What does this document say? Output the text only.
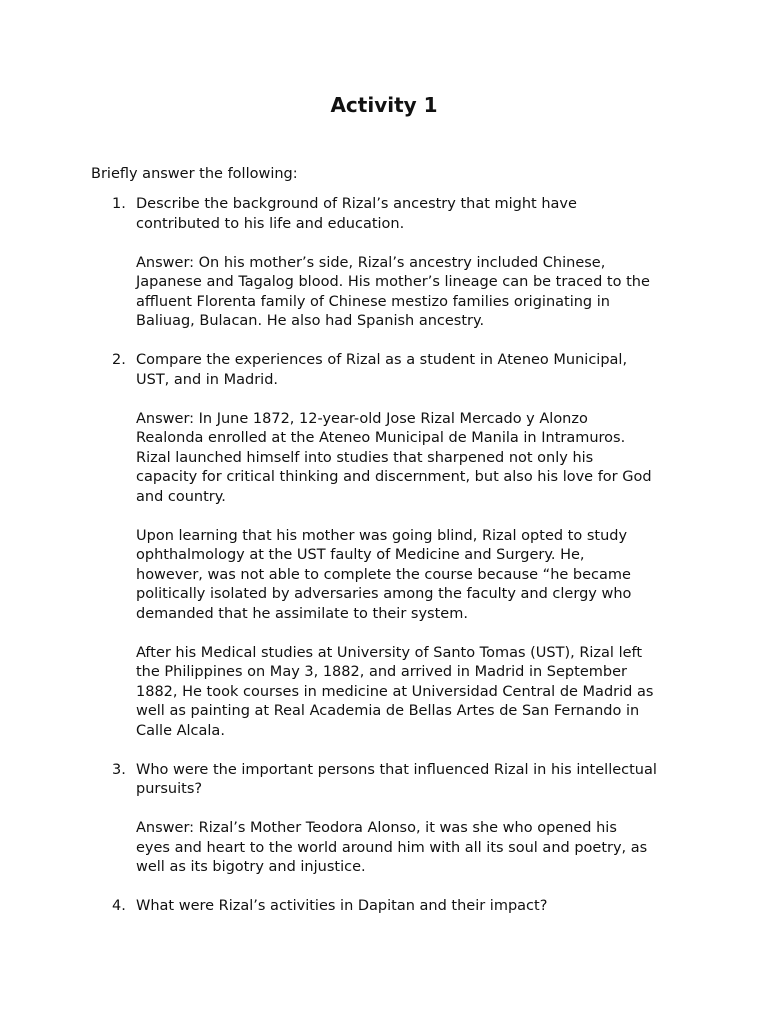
Activity 1

Briefly answer the following:

1. Describe the background of Rizal’s ancestry that might have
contributed to his life and education.

Answer: On his mother’s side, Rizal’s ancestry included Chinese,
Japanese and Tagalog blood. His mother’s lineage can be traced to the
affluent Florenta family of Chinese mestizo families originating in
Baliuag, Bulacan. He also had Spanish ancestry.

2. Compare the experiences of Rizal as a student in Ateneo Municipal,
UST, and in Madrid.

Answer: In June 1872, 12-year-old Jose Rizal Mercado y Alonzo
Realonda enrolled at the Ateneo Municipal de Manila in Intramuros.
Rizal launched himself into studies that sharpened not only his
capacity for critical thinking and discernment, but also his love for God
and country.

Upon learning that his mother was going blind, Rizal opted to study
ophthalmology at the UST faulty of Medicine and Surgery. He,
however, was not able to complete the course because “he became
politically isolated by adversaries among the faculty and clergy who
demanded that he assimilate to their system.

After his Medical studies at University of Santo Tomas (UST), Rizal left
the Philippines on May 3, 1882, and arrived in Madrid in September
1882, He took courses in medicine at Universidad Central de Madrid as
well as painting at Real Academia de Bellas Artes de San Fernando in
Calle Alcala.

3. Who were the important persons that influenced Rizal in his intellectual
pursuits?

Answer: Rizal’s Mother Teodora Alonso, it was she who opened his
eyes and heart to the world around him with all its soul and poetry, as
well as its bigotry and injustice.

4. What were Rizal’s activities in Dapitan and their impact?
